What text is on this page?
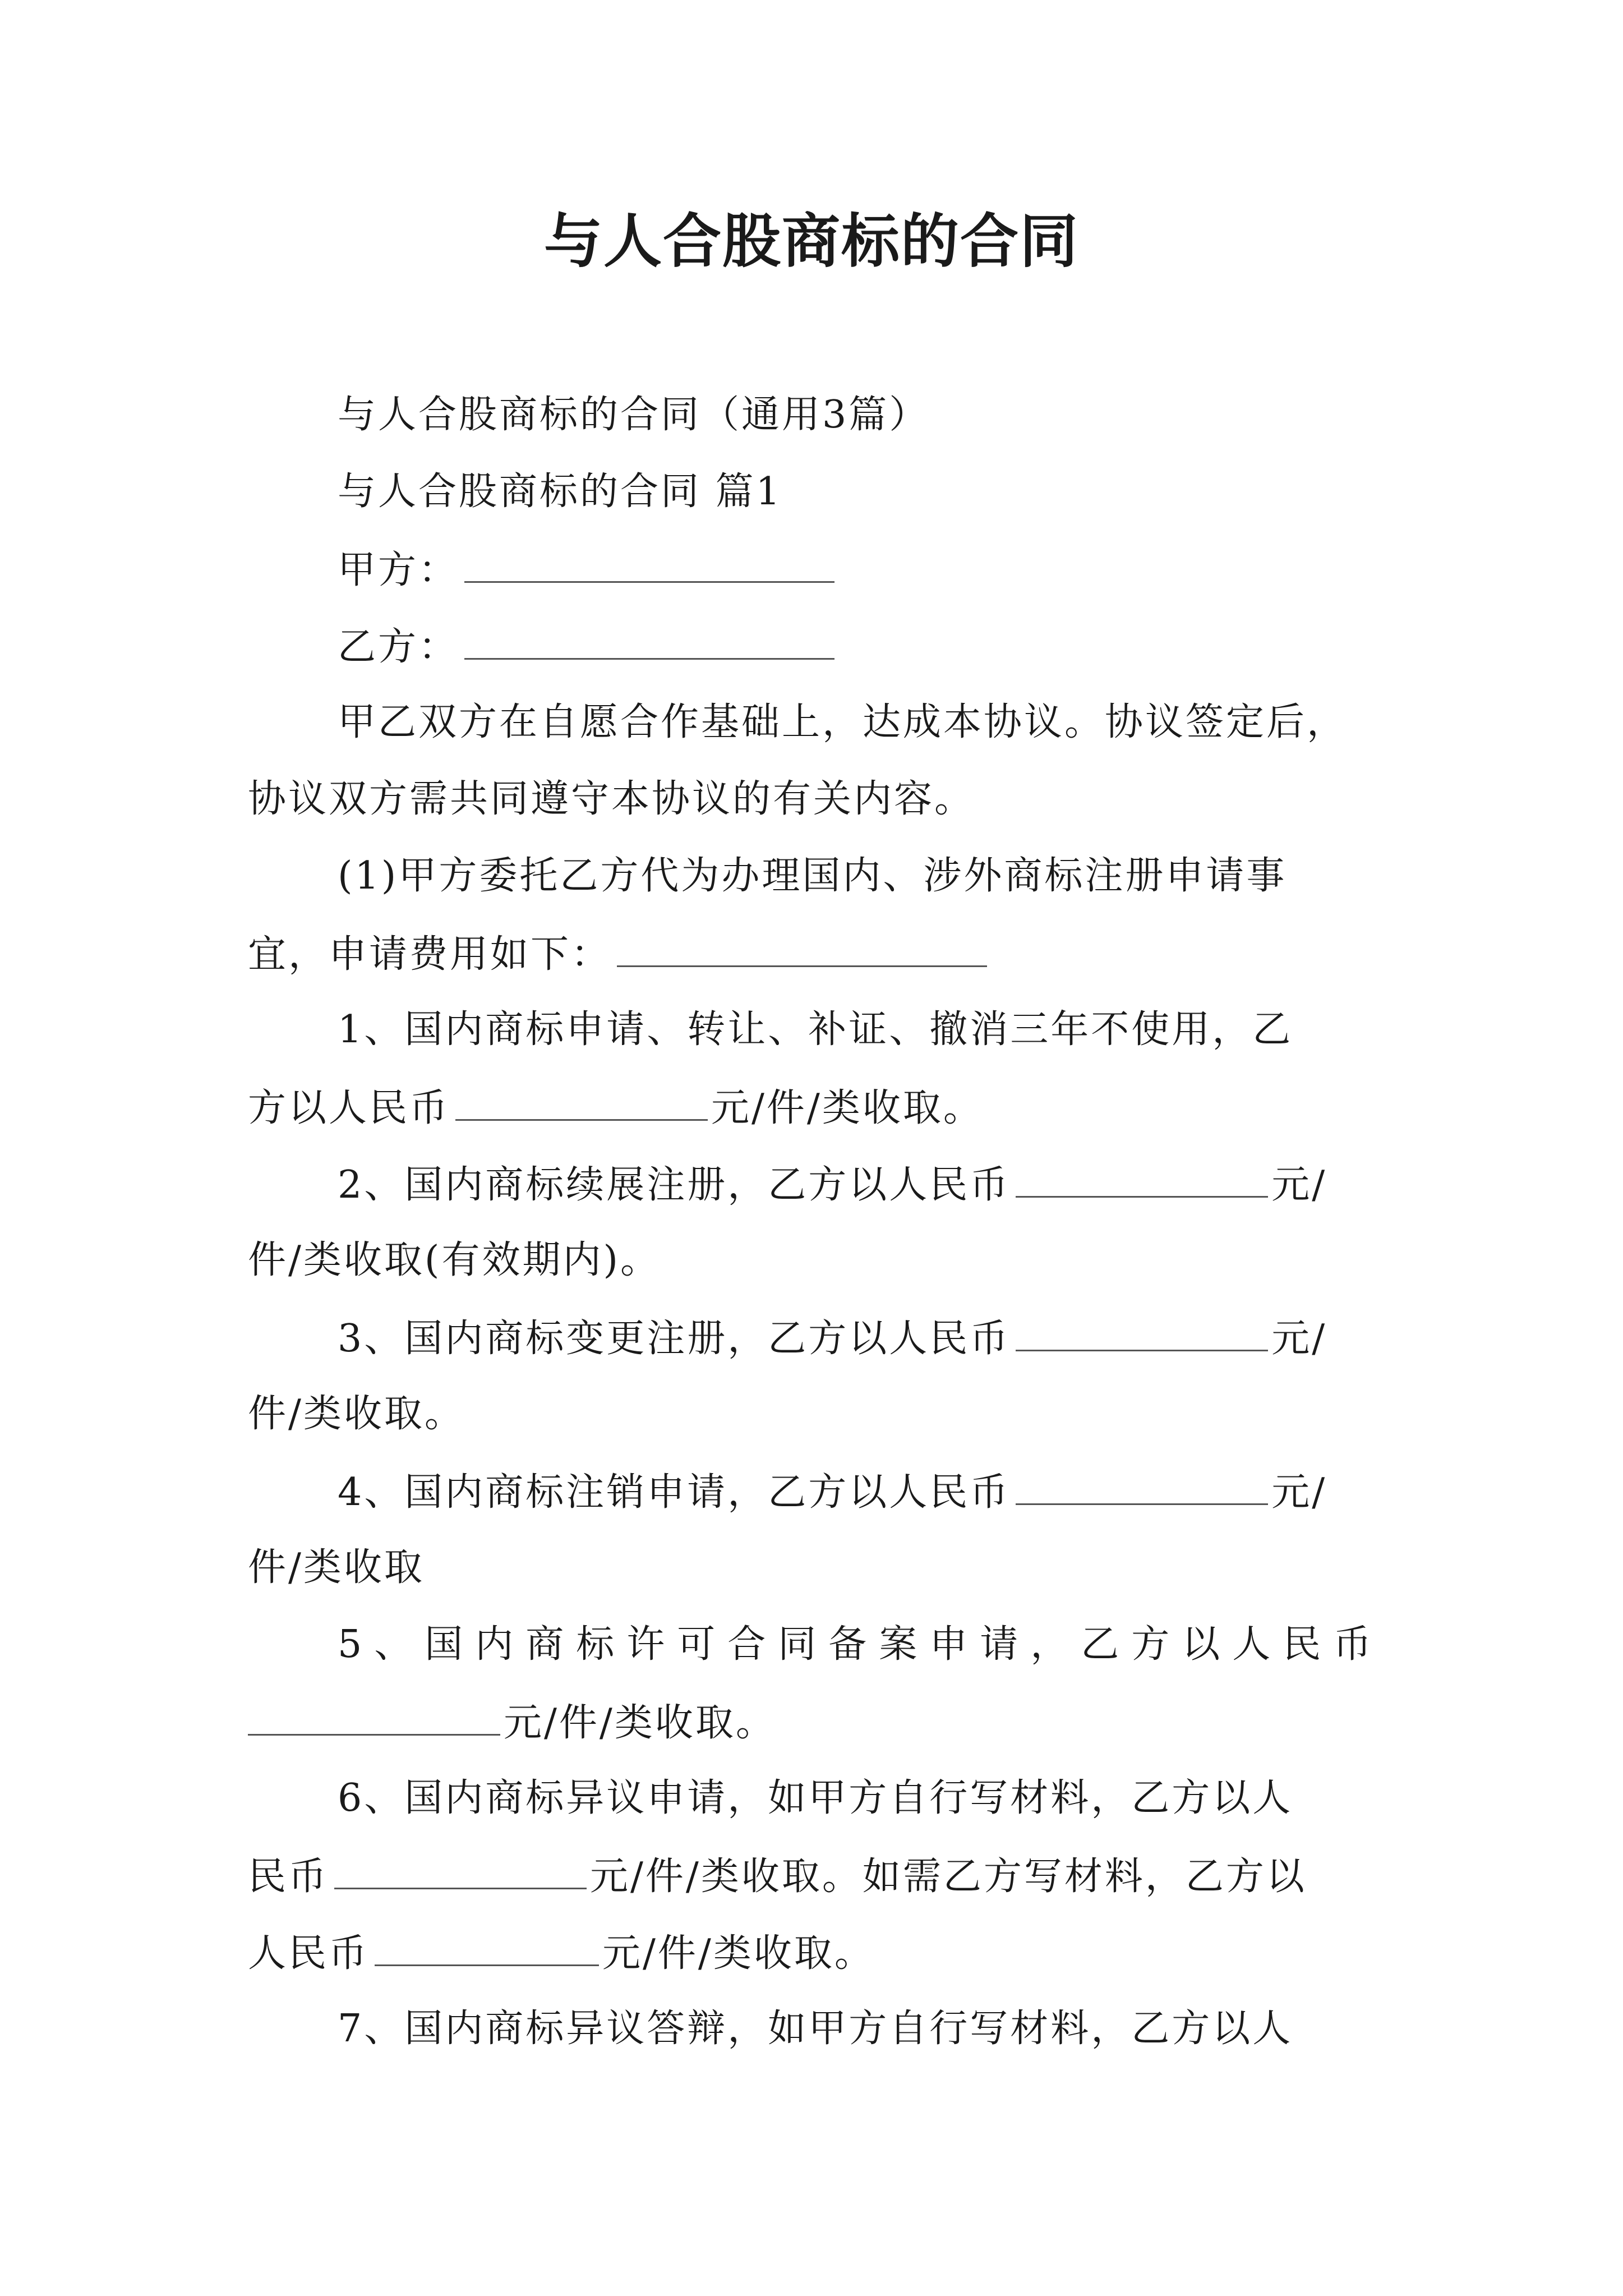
与人合股商标的合同
与人合股商标的合同（通用3篇）
与人合股商标的合同 篇1
甲方：
乙方：
甲乙双方在自愿合作基础上，达成本协议。协议签定后，
协议双方需共同遵守本协议的有关内容。
(1)甲方委托乙方代为办理国内、涉外商标注册申请事
宜，申请费用如下：
1、国内商标申请、转让、补证、撤消三年不使用，乙
方以人民币	元/件/类收取。
2、国内商标续展注册，乙方以人民币	元/
件/类收取(有效期内)。
3、国内商标变更注册，乙方以人民币	元/
件/类收取。
4、国内商标注销申请，乙方以人民币	元/
件/类收取
5、国内商标许可合同备案申请，乙方以人民币
元/件/类收取。
6、国内商标异议申请，如甲方自行写材料，乙方以人
民币	元/件/类收取。如需乙方写材料，乙方以
人民币	元/件/类收取。
7、国内商标异议答辩，如甲方自行写材料，乙方以人
